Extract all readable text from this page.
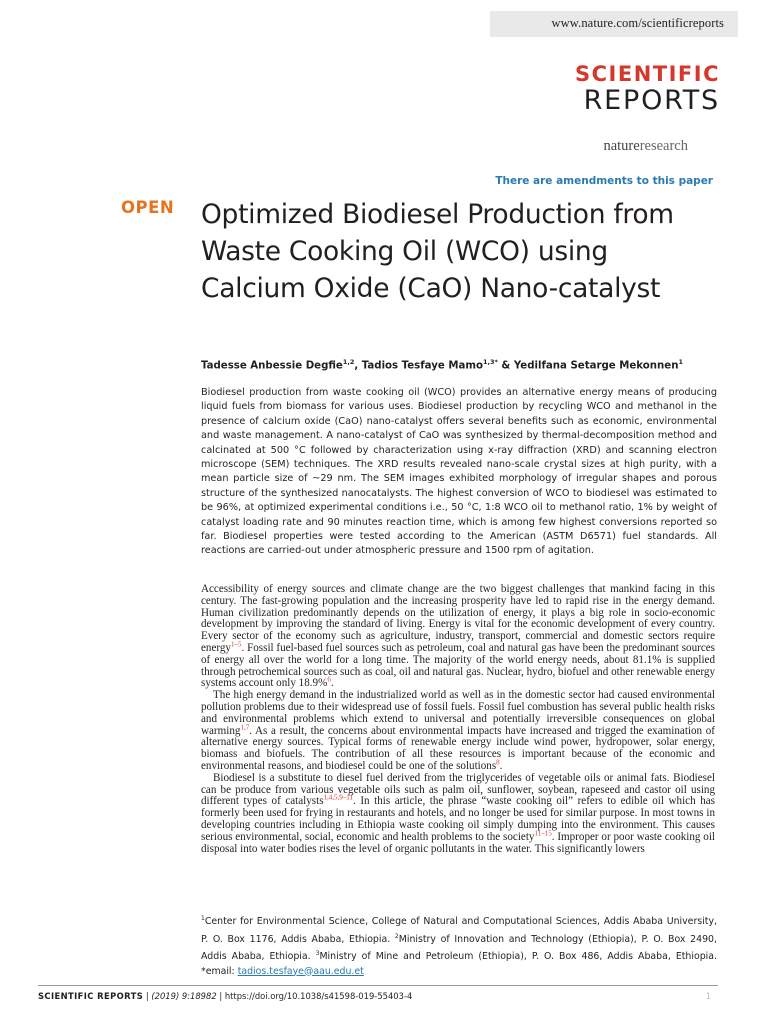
www.nature.com/scientificreports
SCIENTIFIC
REPORTS
natureresearch
There are amendments to this paper
OPEN Optimized Biodiesel Production from Waste Cooking Oil (WCO) using Calcium Oxide (CaO) Nano-catalyst
Tadesse Anbessie Degfie$^{1,2}$, Tadios Tesfaye Mamo$^{1,3*}$ & Yedilfana Setarge Mekonnen$^1$

Biodiesel production from waste cooking oil (WCO) provides an alternative energy means of producing liquid fuels from biomass for various uses. Biodiesel production by recycling WCO and methanol in the presence of calcium oxide (CaO) nano-catalyst offers several benefits such as economic, environmental and waste management. A nano-catalyst of CaO was synthesized by thermal-decomposition method and calcinated at 500 °C followed by characterization using x-ray diffraction (XRD) and scanning electron microscope (SEM) techniques. The XRD results revealed nano-scale crystal sizes at high purity, with a mean particle size of ~29 nm. The SEM images exhibited morphology of irregular shapes and porous structure of the synthesized nanocatalysts. The highest conversion of WCO to biodiesel was estimated to be 96%, at optimized experimental conditions i.e., 50 °C, 1:8 WCO oil to methanol ratio, 1% by weight of catalyst loading rate and 90 minutes reaction time, which is among few highest conversions reported so far. Biodiesel properties were tested according to the American (ASTM D6571) fuel standards. All reactions are carried-out under atmospheric pressure and 1500 rpm of agitation.

Accessibility of energy sources and climate change are the two biggest challenges that mankind facing in this century. The fast-growing population and the increasing prosperity have led to rapid rise in the energy demand. Human civilization predominantly depends on the utilization of energy, it plays a big role in socio-economic development by improving the standard of living. Energy is vital for the economic development of every country. Every sector of the economy such as agriculture, industry, transport, commercial and domestic sectors require energy$^{1-5}$. Fossil fuel-based fuel sources such as petroleum, coal and natural gas have been the predominant sources of energy all over the world for a long time. The majority of the world energy needs, about 81.1% is supplied through petrochemical sources such as coal, oil and natural gas. Nuclear, hydro, biofuel and other renewable energy systems account only 18.9%$^6$.

The high energy demand in the industrialized world as well as in the domestic sector had caused environmental pollution problems due to their widespread use of fossil fuels. Fossil fuel combustion has several public health risks and environmental problems which extend to universal and potentially irreversible consequences on global warming$^{1,7}$. As a result, the concerns about environmental impacts have increased and trigged the examination of alternative energy sources. Typical forms of renewable energy include wind power, hydropower, solar energy, biomass and biofuels. The contribution of all these resources is important because of the economic and environmental reasons, and biodiesel could be one of the solutions$^8$.

Biodiesel is a substitute to diesel fuel derived from the triglycerides of vegetable oils or animal fats. Biodiesel can be produce from various vegetable oils such as palm oil, sunflower, soybean, rapeseed and castor oil using different types of catalysts$^{1,4,5,9-11}$. In this article, the phrase “waste cooking oil” refers to edible oil which has formerly been used for frying in restaurants and hotels, and no longer be used for similar purpose. In most towns in developing countries including in Ethiopia waste cooking oil simply dumping into the environment. This causes serious environmental, social, economic and health problems to the society$^{11-15}$. Improper or poor waste cooking oil disposal into water bodies rises the level of organic pollutants in the water. This significantly lowers

$^1$Center for Environmental Science, College of Natural and Computational Sciences, Addis Ababa University, P. O. Box 1176, Addis Ababa, Ethiopia. $^2$Ministry of Innovation and Technology (Ethiopia), P. O. Box 2490, Addis Ababa, Ethiopia. $^3$Ministry of Mine and Petroleum (Ethiopia), P. O. Box 486, Addis Ababa, Ethiopia. *email: tadios.tesfaye@aau.edu.et
SCIENTIFIC REPORTS | (2019) 9:18982 | https://doi.org/10.1038/s41598-019-55403-4	1
